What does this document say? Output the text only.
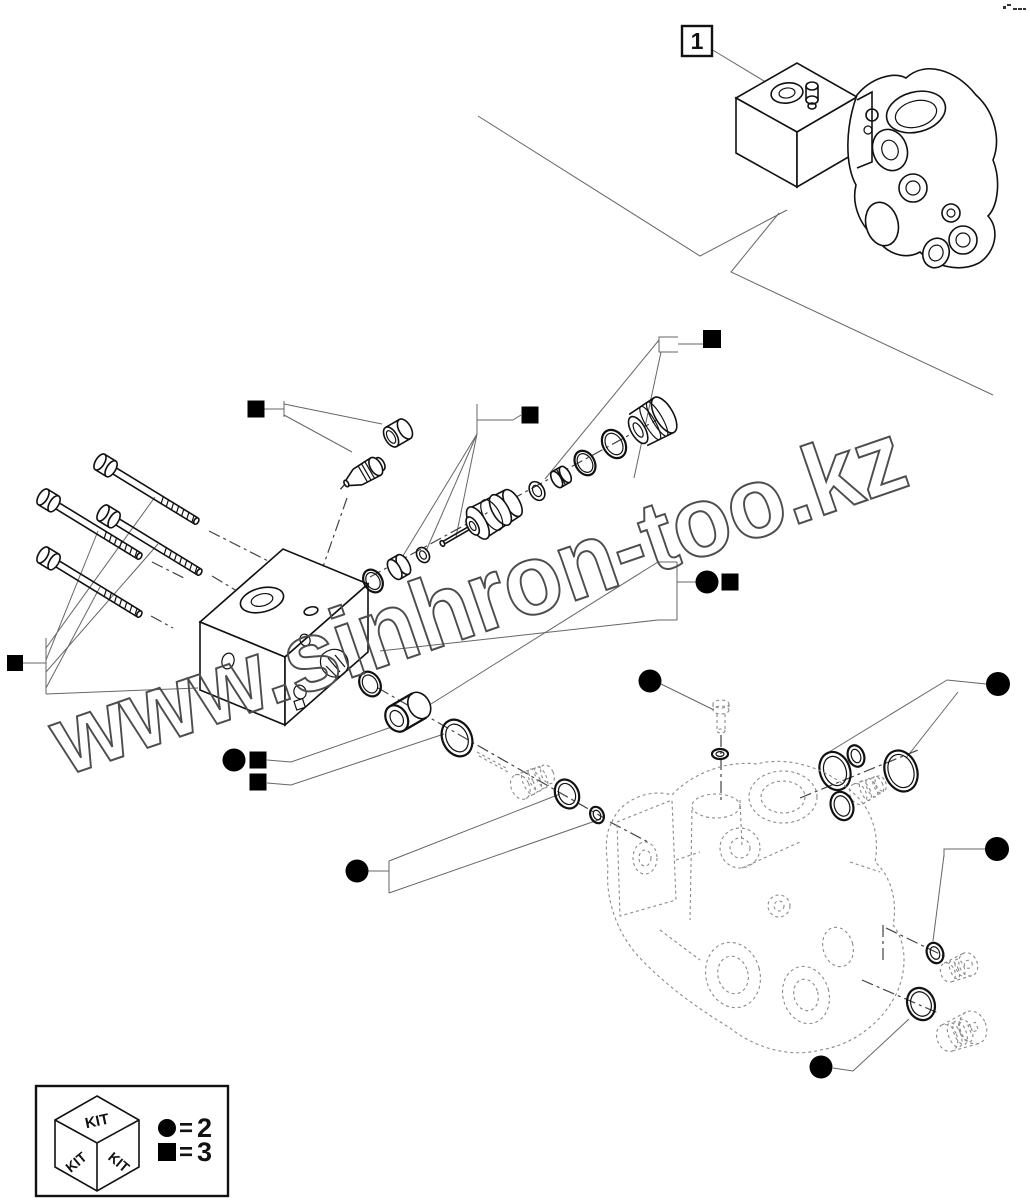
1
www.sinhron-too.kz
KIT
KIT KIT
= 2
= 3
